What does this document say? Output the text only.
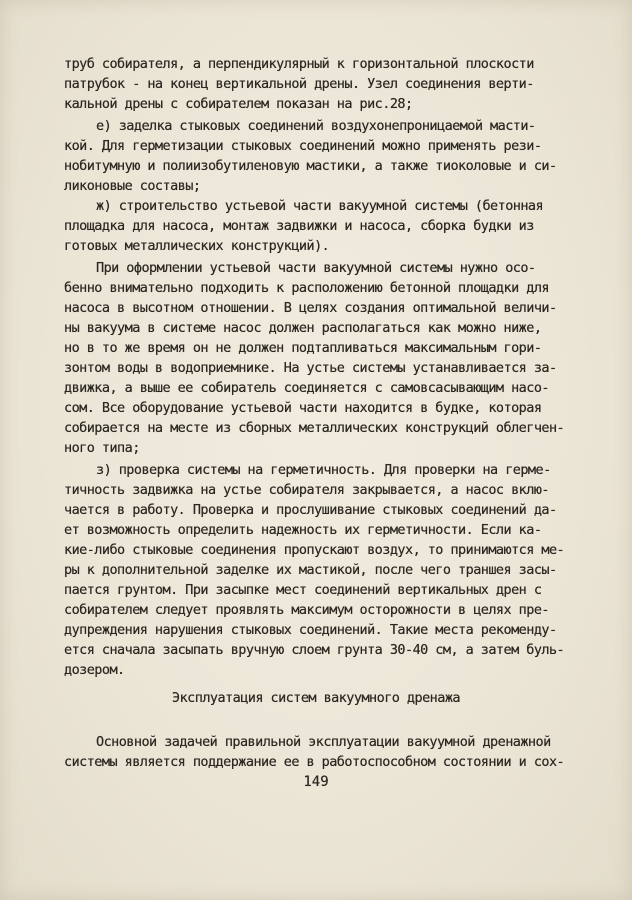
труб собирателя, а перпендикулярный к горизонтальной плоскости
патрубок - на конец вертикальной дрены. Узел соединения верти-
кальной дрены с собирателем показан на рис.28;
е) заделка стыковых соединений воздухонепроницаемой масти-
кой. Для герметизации стыковых соединений можно применять рези-
нобитумную и полиизобутиленовую мастики, а также тиоколовые и си-
ликоновые составы;
ж) строительство устьевой части вакуумной системы (бетонная
площадка для насоса, монтаж задвижки и насоса, сборка будки из
готовых металлических конструкций).
При оформлении устьевой части вакуумной системы нужно осо-
бенно внимательно подходить к расположению бетонной площадки для
насоса в высотном отношении. В целях создания оптимальной величи-
ны вакуума в системе насос должен располагаться как можно ниже,
но в то же время он не должен подтапливаться максимальным гори-
зонтом воды в водоприемнике. На устье системы устанавливается за-
движка, а выше ее собиратель соединяется с самовсасывающим насо-
сом. Все оборудование устьевой части находится в будке, которая
собирается на месте из сборных металлических конструкций облегчен-
ного типа;
з) проверка системы на герметичность. Для проверки на герме-
тичность задвижка на устье собирателя закрывается, а насос вклю-
чается в работу. Проверка и прослушивание стыковых соединений да-
ет возможность определить надежность их герметичности. Если ка-
кие-либо стыковые соединения пропускают воздух, то принимаются ме-
ры к дополнительной заделке их мастикой, после чего траншея засы-
пается грунтом. При засыпке мест соединений вертикальных дрен с
собирателем следует проявлять максимум осторожности в целях пре-
дупреждения нарушения стыковых соединений. Такие места рекоменду-
ется сначала засыпать вручную слоем грунта 30-40 см, а затем буль-
дозером.
Эксплуатация систем вакуумного дренажа
Основной задачей правильной эксплуатации вакуумной дренажной
системы является поддержание ее в работоспособном состоянии и сох-
149
